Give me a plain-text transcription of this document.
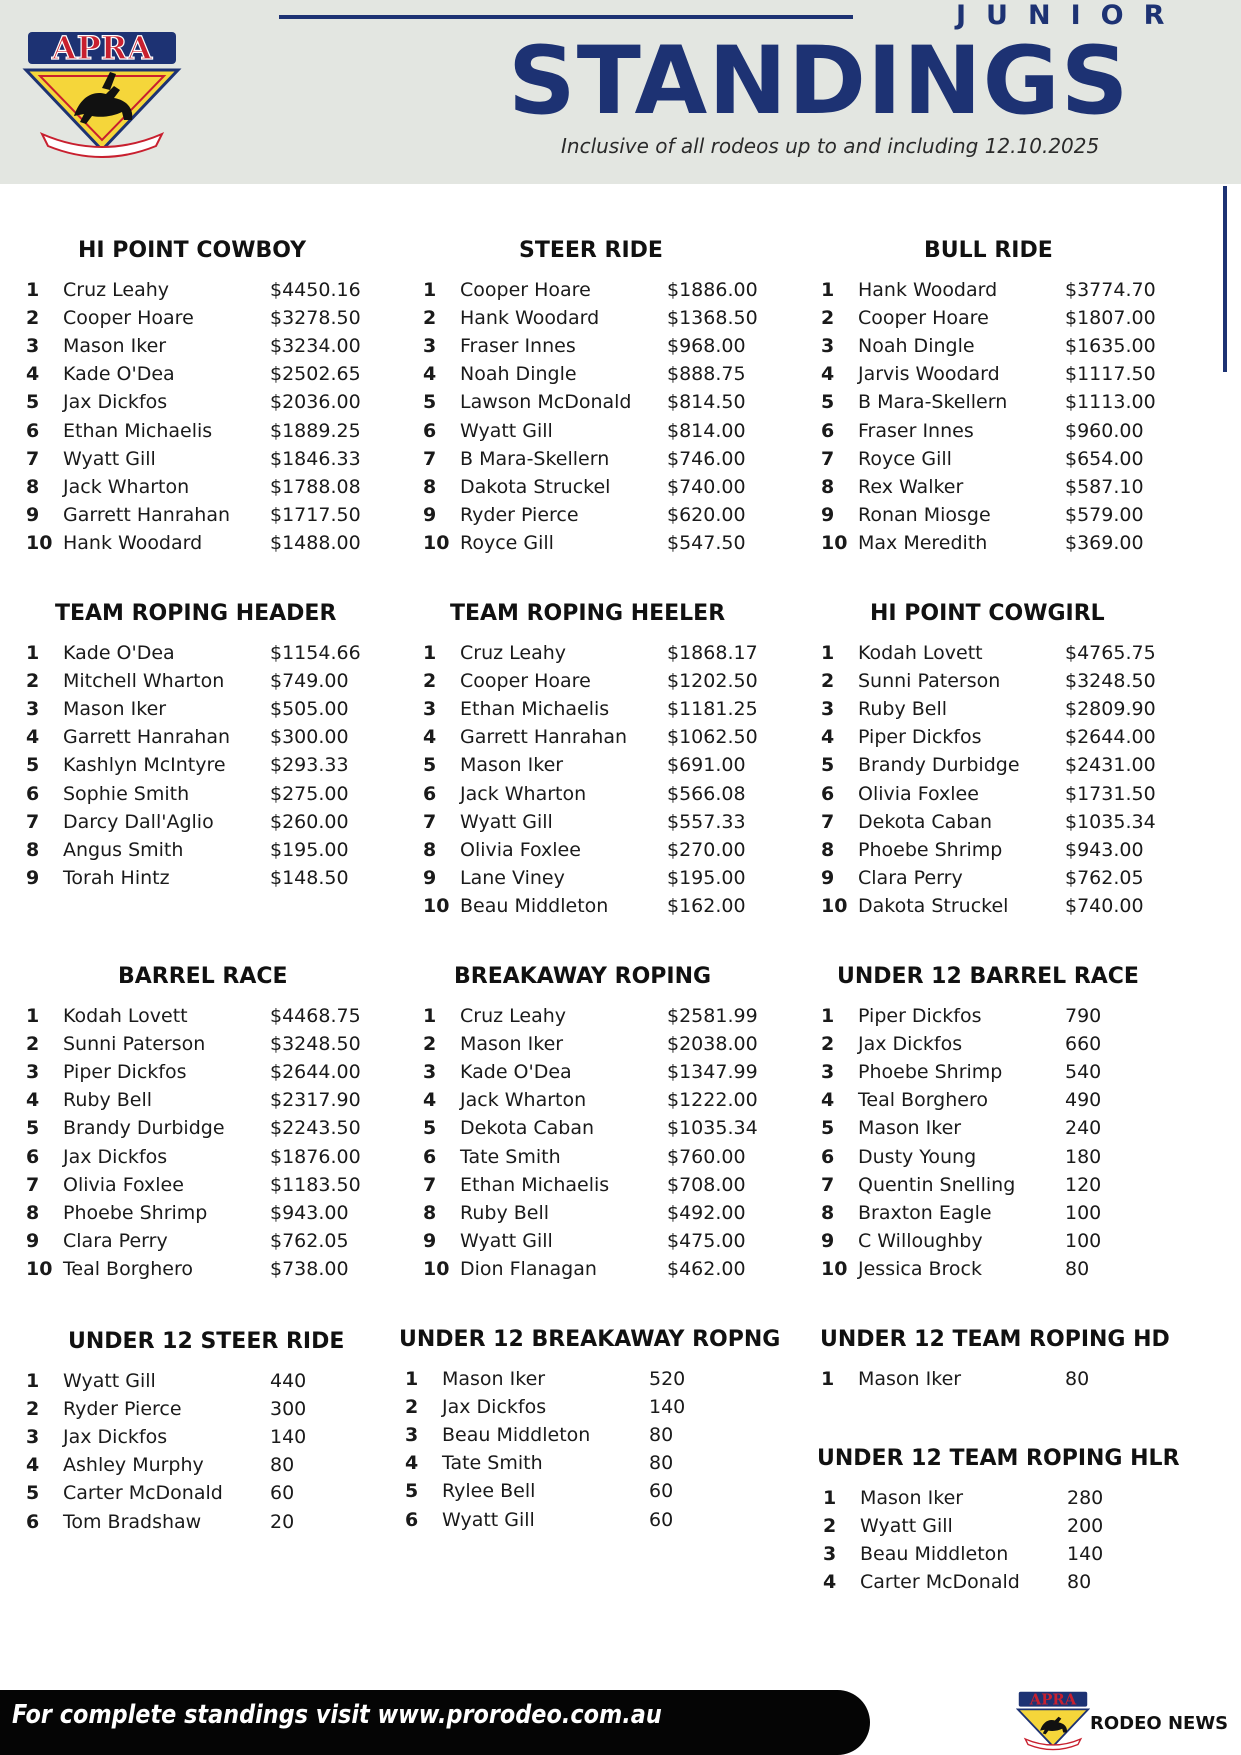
JUNIOR
STANDINGS
Inclusive of all rodeos up to and including 12.10.2025
APRA
HI POINT COWBOY
1 Cruz Leahy	$4450.16
2 Cooper Hoare	$3278.50
3 Mason Iker	$3234.00
4 Kade O'Dea	$2502.65
5 Jax Dickfos	$2036.00
6 Ethan Michaelis	$1889.25
7 Wyatt Gill	$1846.33
8 Jack Wharton	$1788.08
9 Garrett Hanrahan $1717.50
10 Hank Woodard	$1488.00
STEER RIDE
1 Cooper Hoare	$1886.00
2 Hank Woodard	$1368.50
3 Fraser Innes	$968.00
4 Noah Dingle	$888.75
5 Lawson McDonald $814.50
6 Wyatt Gill	$814.00
7 B Mara-Skellern	$746.00
8 Dakota Struckel	$740.00
9 Ryder Pierce	$620.00
10 Royce Gill	$547.50
BULL RIDE
1 Hank Woodard	$3774.70
2 Cooper Hoare	$1807.00
3 Noah Dingle	$1635.00
4 Jarvis Woodard	$1117.50
5 B Mara-Skellern	$1113.00
6 Fraser Innes	$960.00
7 Royce Gill	$654.00
8 Rex Walker	$587.10
9 Ronan Miosge	$579.00
10 Max Meredith	$369.00
TEAM ROPING HEADER
1 Kade O'Dea	$1154.66
2 Mitchell Wharton $749.00
3 Mason Iker	$505.00
4 Garrett Hanrahan $300.00
5 Kashlyn McIntyre $293.33
6 Sophie Smith	$275.00
7 Darcy Dall'Aglio	$260.00
8 Angus Smith	$195.00
9 Torah Hintz	$148.50
TEAM ROPING HEELER
1 Cruz Leahy	$1868.17
2 Cooper Hoare	$1202.50
3 Ethan Michaelis	$1181.25
4 Garrett Hanrahan $1062.50
5 Mason Iker	$691.00
6 Jack Wharton	$566.08
7 Wyatt Gill	$557.33
8 Olivia Foxlee	$270.00
9 Lane Viney	$195.00
10 Beau Middleton	$162.00
HI POINT COWGIRL
1 Kodah Lovett	$4765.75
2 Sunni Paterson	$3248.50
3 Ruby Bell	$2809.90
4 Piper Dickfos	$2644.00
5 Brandy Durbidge $2431.00
6 Olivia Foxlee	$1731.50
7 Dekota Caban	$1035.34
8 Phoebe Shrimp	$943.00
9 Clara Perry	$762.05
10 Dakota Struckel	$740.00
BARREL RACE
1 Kodah Lovett	$4468.75
2 Sunni Paterson	$3248.50
3 Piper Dickfos	$2644.00
4 Ruby Bell	$2317.90
5 Brandy Durbidge $2243.50
6 Jax Dickfos	$1876.00
7 Olivia Foxlee	$1183.50
8 Phoebe Shrimp	$943.00
9 Clara Perry	$762.05
10 Teal Borghero	$738.00
BREAKAWAY ROPING
1 Cruz Leahy	$2581.99
2 Mason Iker	$2038.00
3 Kade O'Dea	$1347.99
4 Jack Wharton	$1222.00
5 Dekota Caban	$1035.34
6 Tate Smith	$760.00
7 Ethan Michaelis	$708.00
8 Ruby Bell	$492.00
9 Wyatt Gill	$475.00
10 Dion Flanagan	$462.00
UNDER 12 BARREL RACE
1 Piper Dickfos	790
2 Jax Dickfos	660
3 Phoebe Shrimp	540
4 Teal Borghero	490
5 Mason Iker	240
6 Dusty Young	180
7 Quentin Snelling	120
8 Braxton Eagle	100
9 C Willoughby	100
10 Jessica Brock	80
UNDER 12 STEER RIDE
1 Wyatt Gill	440
2 Ryder Pierce	300
3 Jax Dickfos	140
4 Ashley Murphy	80
5 Carter McDonald 60
6 Tom Bradshaw	20
UNDER 12 BREAKAWAY ROPNG
1 Mason Iker	520
2 Jax Dickfos	140
3 Beau Middleton	80
4 Tate Smith	80
5 Rylee Bell	60
6 Wyatt Gill	60
UNDER 12 TEAM ROPING HD
1 Mason Iker	80
UNDER 12 TEAM ROPING HLR
1 Mason Iker	280
2 Wyatt Gill	200
3 Beau Middleton	140
4 Carter McDonald 80
For complete standings visit www.prorodeo.com.au
APRA
RODEO NEWS
